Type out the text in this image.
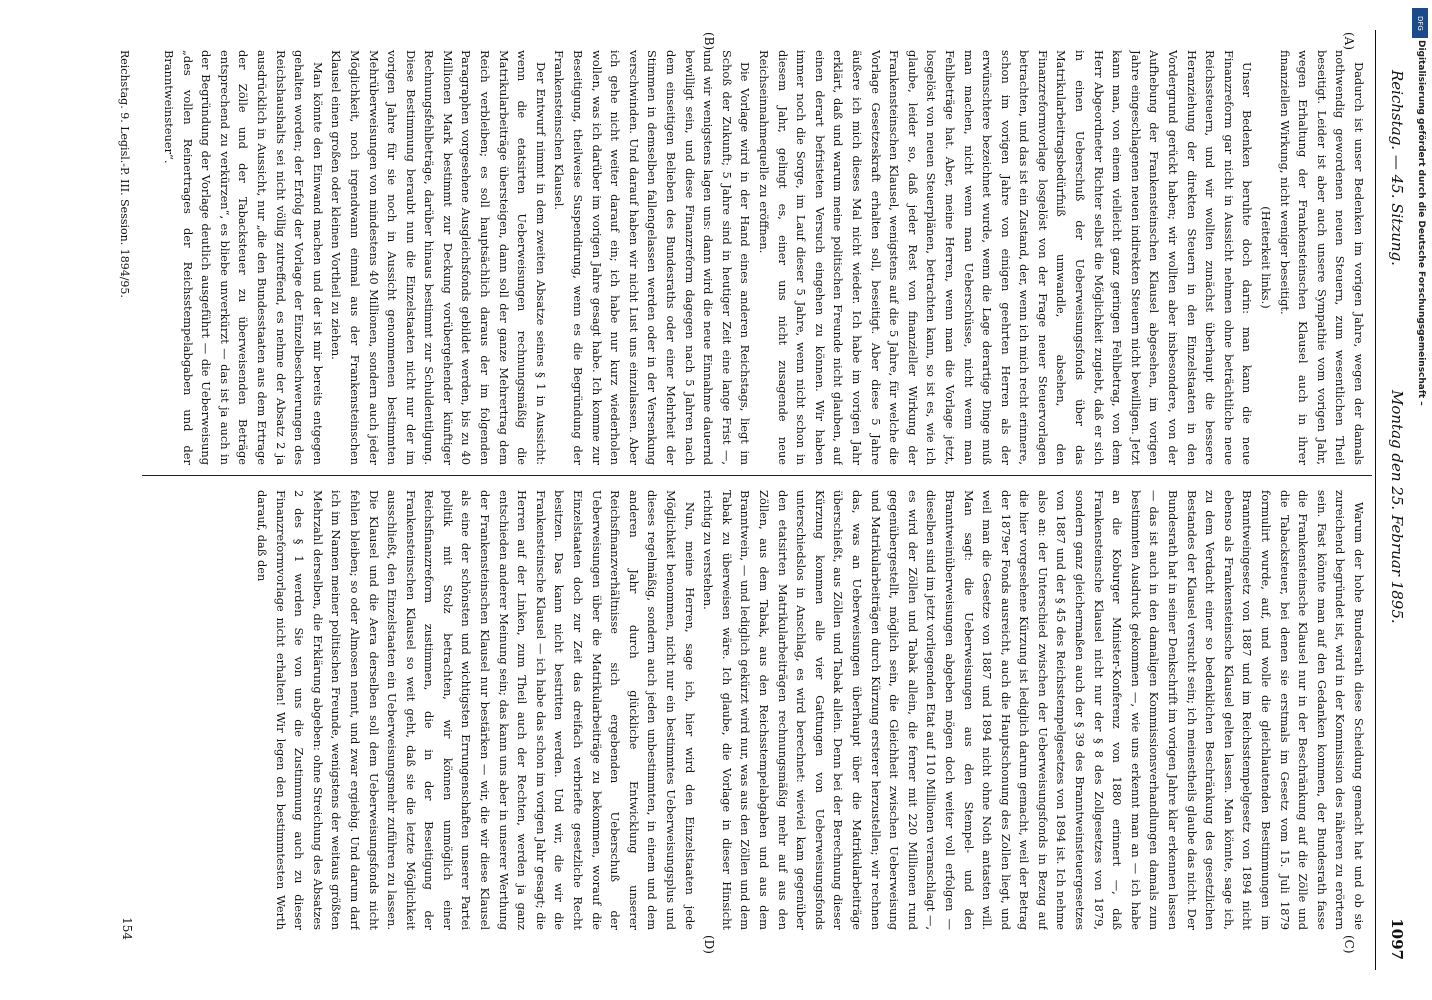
Reichstag. — 45. Sitzung.
Montag den 25. Februar 1895.
1097
(A)
(B)
(C)
(D)

Dadurch ist unser Bedenken im vorigen Jahre, wegen der damals nothwendig gewordenen neuen Steuern, zum wesentlichen Theil beseitigt. Leider ist aber auch unsere Sympathie vom vorigen Jahr, wegen Erhaltung der Frankensteinschen Klausel auch in ihrer finanziellen Wirkung, nicht weniger beseitigt.

(Heiterkeit links.)

Unser Bedenken beruhte doch darin: man kann die neue Finanzreform gar nicht in Aussicht nehmen ohne beträchtliche neue Reichssteuern, und wir wollten zunächst überhaupt die bessere Heranziehung der direkten Steuern in den Einzelstaaten in den Vordergrund gerückt haben; wir wollten aber insbesondere, von der Aufhebung der Frankensteinschen Klausel abgesehen, im vorigen Jahre eingeschlagenen neuen indirekten Steuern nicht bewilligen. Jetzt kann man, von einem vielleicht ganz geringen Fehlbetrag, von dem Herr Abgeordneter Richter selbst die Möglichkeit zugiebt, daß er sich in einen Ueberschuß der Ueberweisungsfonds über das Matrikularbeitragsbedürfniß umwandle, absehen, den Finanzreformvorlage losgelöst von der Frage neuer Steuervorlagen betrachten, und das ist ein Zustand, der, wenn ich mich recht erinnere, schon im vorigen Jahre von einigen geehrten Herren als der erwünschtere bezeichnet wurde, wenn die Lage derartige Dinge muß man machen, nicht wenn man Ueberschüsse, nicht wenn man Fehlbeträge hat. Aber, meine Herren, wenn man die Vorlage jetzt, losgelöst von neuen Steuerplänen, betrachten kann, so ist es, wie ich glaube, leider so, daß jeder Rest von finanzieller Wirkung der Frankensteinschen Klausel, wenigstens auf die 5 Jahre, für welche die Vorlage Gesetzeskraft erhalten soll, beseitigt. Aber diese 5 Jahre äußere ich mich dieses Mal nicht wieder. Ich habe im vorigen Jahr erklärt, daß und warum meine politischen Freunde nicht glauben, auf einen derart befristeten Versuch eingehen zu können. Wir haben immer noch die Sorge, im Lauf dieser 5 Jahre, wenn nicht schon in diesem Jahr, gelingt es, einer uns nicht zusagende neue Reichseinnahmequelle zu eröffnen.

Die Vorlage wird in der Hand eines anderen Reichstags, liegt im Schoß der Zukunft; 5 Jahre sind in heutiger Zeit eine lange Frist —, und wir wenigstens lagen uns: dann wird die neue Einnahme dauernd bewilligt sein, und diese Finanzreform dagegen nach 5 Jahren nach dem einseitigen Belieben des Bundesraths oder einer Mehrheit der Stimmen in demselben fallengelassen werden oder in der Versenkung verschwinden. Und darauf haben wir nicht Lust uns einzulassen. Aber ich gehe nicht weiter darauf ein; ich habe nur kurz wiederholen wollen, was ich darüber im vorigen Jahre gesagt habe. Ich komme zur Beseitigung, theilweise Suspendirung, wenn es die Begründung der Frankensteinschen Klausel.

Der Entwurf nimmt in dem zweiten Absatze seines § 1 in Aussicht: wenn die etatsirten Ueberweisungen rechnungsmäßig die Matrikularbeiträge übersteigen, dann soll der ganze Mehrertrag dem Reich verbleiben; es soll hauptsächlich daraus der im folgenden Paragraphen vorgesehene Ausgleichsfonds gebildet werden, bis zu 40 Millionen Mark bestimmt zur Deckung vorübergehender künftiger Rechnungsfehlbeträge, darüber hinaus bestimmt zur Schuldentilgung. Diese Bestimmung beraubt nun die Einzelstaaten nicht nur der im vorigen Jahre für sie noch in Aussicht genommenen bestimmten Mehrüberweisungen von mindestens 40 Millionen, sondern auch jeder Möglichkeit, noch irgendwann einmal aus der Frankensteinschen Klausel einen großen oder kleinen Vortheil zu ziehen.

Man könnte den Einwand machen und der ist mir bereits entgegen gehalten worden; der Erfolg der Vorlage der Einzelbeschwerungen des Reichshaushalts sei nicht völlig zutreffend, es nehme der Absatz 2 ja ausdrücklich in Aussicht, nur „die den Bundesstaaten aus dem Ertrage der Zölle und der Tabacksteuer zu überweisenden Beträge entsprechend zu verkürzen“, es bliebe unverkürzt — das ist ja auch in der Begründung der Vorlage deutlich ausgeführt — die Ueberweisung „des vollen Reinertrages der Reichsstempelabgaben und der Branntweinsteuer“.

Warum der hohe Bundesrath diese Scheidung gemacht hat und ob sie zureichend begründet ist, wird in der Kommission des näheren zu erörtern sein. Fast könnte man auf den Gedanken kommen, der Bundesrath fasse die Frankensteinsche Klausel nur in der Beschränkung auf die Zölle und die Tabacksteuer, bei denen sie erstmals im Gesetz vom 15. Juli 1879 formulirt wurde, auf, und wolle die gleichlautenden Bestimmungen im Branntweingesetz von 1887 und im Reichsstempelgesetz von 1894 nicht ebenso als Frankensteinsche Klausel gelten lassen. Man könnte, sage ich, zu dem Verdacht einer so bedenklichen Beschränkung des gesetzlichen Bestandes der Klausel versucht sein; ich meinestheils glaube das nicht. Der Bundesrath hat in seiner Denkschrift im vorigen Jahre klar erkennen lassen — das ist auch in den damaligen Kommissionsverhandlungen damals zum bestimmten Ausdruck gekommen —, wie uns erkennt man an — ich habe an die Koburger Minister-Konferenz von 1880 erinnert —, daß Frankensteinsche Klausel nicht nur der § 8 des Zollgesetzes von 1879, sondern ganz gleichermaßen auch der § 39 des Branntweinsteuergesetzes von 1887 und der § 45 des Reichsstempelgesetzes von 1894 ist. Ich nehme also an: der Unterschied zwischen der Ueberweisungsfonds in Bezug auf die hier vorgesehene Kürzung ist lediglich darum gemacht, weil der Betrag der 1879er Fonds ausreicht, auch die Hauptschonung des Zollen liegt, und weil man die Gesetze von 1887 und 1894 nicht ohne Noth antasten will. Man sagt: die Ueberweisungen aus den Stempel- und den Branntweinüberweisungen abgeben mögen doch weiter voll erfolgen — dieselben sind im jetzt vorliegenden Etat auf 110 Millionen veranschlagt —, es wird der Zöllen und Tabak allein, die ferner mit 220 Millionen rund gegenübergestellt, möglich sein, die Gleichheit zwischen Ueberweisung und Matrikularbeiträgen durch Kürzung ersterer herzustellen; wir rechnen das, was an Ueberweisungen überhaupt über die Matrikularbeiträge überschießt, aus Zöllen und Tabak allein. Denn bei der Berechnung dieser Kürzung kommen alle vier Gattungen von Ueberweisungsfonds unterschiedslos in Anschlag, es wird berechnet: wieviel kam gegenüber den etatsirten Matrikularbeiträgen rechnungsmäßig mehr auf aus den Zöllen, aus dem Tabak, aus den Reichsstempelabgaben und aus dem Branntwein, — und lediglich gekürzt wird nur, was aus den Zöllen und dem Tabak zu überweisen wäre. Ich glaube, die Vorlage in dieser Hinsicht richtig zu verstehen.

Nun, meine Herren, sage ich, hier wird den Einzelstaaten jede Möglichkeit benommen, nicht nur ein bestimmtes Ueberweisungsplus und dieses regelmäßig, sondern auch jeden unbestimmten, in einem und dem anderen Jahr durch glückliche Entwicklung unserer Reichsfinanzverhältnisse sich ergebenden Ueberschuß der Ueberweisungen über die Matrikularbeiträge zu bekommen, worauf die Einzelstaaten doch zur Zeit das dreifach verbriefte gesetzliche Recht besitzen. Das kann nicht bestritten werden. Und wir, die wir die Frankensteinsche Klausel — ich habe das schon im vorigen Jahr gesagt; die Herren auf der Linken, zum Theil auch der Rechten, werden ja ganz entschieden anderer Meinung sein; das kann uns aber in unserer Werthung der Frankensteinschen Klausel nur bestärken — wir, die wir diese Klausel als eine der schönsten und wichtigsten Errungenschaften unserer Partei politik mit Stolz betrachten, wir können unmöglich einer Reichsfinanzreform zustimmen, die in der Beseitigung der Frankensteinschen Klausel so weit geht, daß sie die letzte Möglichkeit ausschließt, den Einzelstaaten ein Ueberweisungsmehr zuführen zu lassen. Die Klausel und die Aera derselben soll dem Ueberweisungsfonds nicht fehlen bleiben; so oder Almosen nennt, und zwar ergiebig. Und darum darf ich im Namen meiner politischen Freunde, wenigstens der weitaus größten Mehrzahl derselben, die Erklärung abgeben: ohne Streichung des Absatzes 2 des § 1 werden Sie von uns die Zustimmung auch zu dieser Finanzreformvorlage nicht erhalten! Wir legen den bestimmtesten Werth darauf, daß den

Reichstag. 9. Legisl.-P. III. Session. 1894/95.
154
DFG
Digitalisierung gefördert durch die Deutsche Forschungsgemeinschaft –
